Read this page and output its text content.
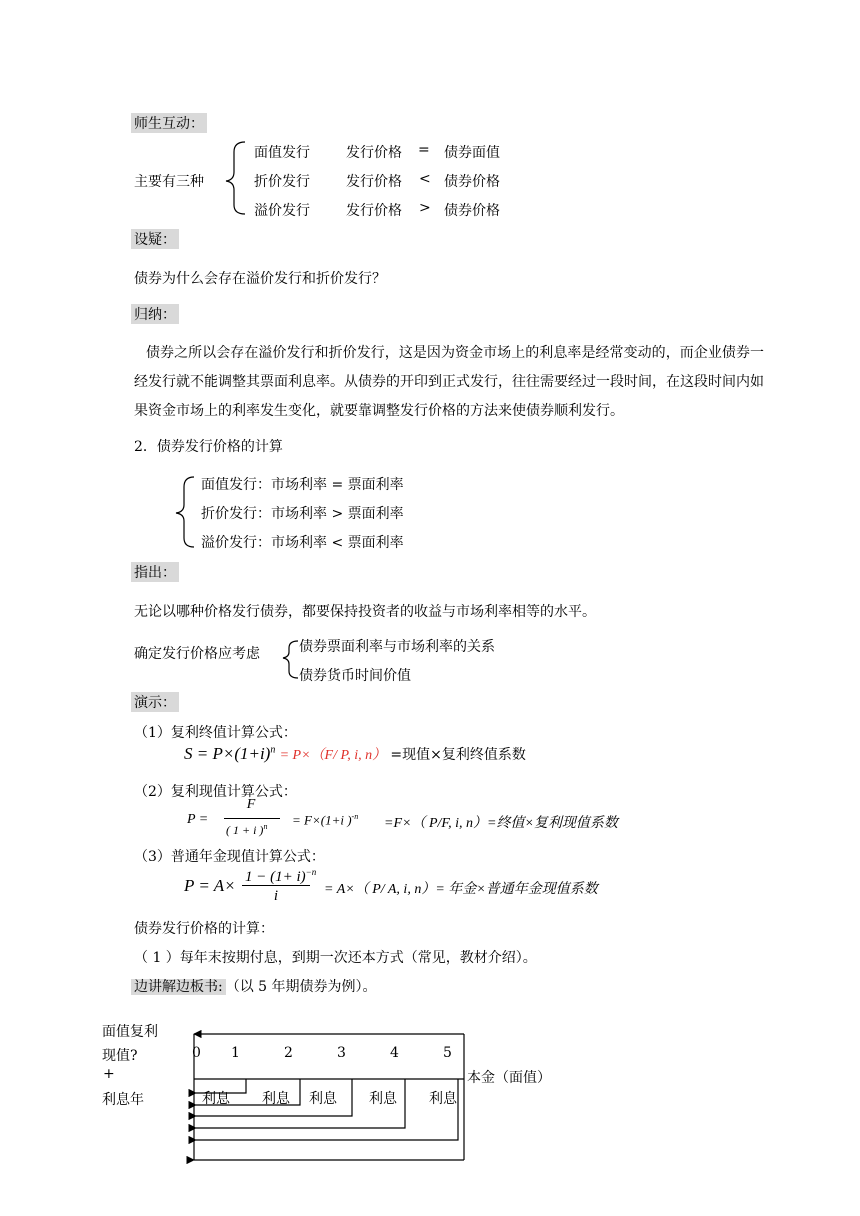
师生互动：
主要有三种
面值发行	发行价格 = 债券面值
折价发行	发行价格 < 债券价格
溢价发行	发行价格 > 债券价格
设疑：
债券为什么会存在溢价发行和折价发行？
归纳：
债券之所以会存在溢价发行和折价发行，这是因为资金市场上的利息率是经常变动的，而企业债券一经发行就不能调整其票面利息率。从债券的开印到正式发行，往往需要经过一段时间，在这段时间内如果资金市场上的利率发生变化，就要靠调整发行价格的方法来使债券顺利发行。
2．债券发行价格的计算
面值发行：市场利率 = 票面利率
折价发行：市场利率 > 票面利率
溢价发行：市场利率 < 票面利率
指出：
无论以哪种价格发行债券，都要保持投资者的收益与市场利率相等的水平。
确定发行价格应考虑	债券票面利率与市场利率的关系
债券货币时间价值
演示：
（1）复利终值计算公式：
$S = P\times(1+i)^n = P\times(F/$ P, i, n） =现值×复利终值系数
（2）复利现值计算公式：
P =
F
( 1 + i )$^n$ = F×(1+i )$^{-n}$ =F×（ P/F, i, n）=终值×复利现值系数
（3）普通年金现值计算公式：
$P = A\times 1 - (1+ i)^{-n}$
i	= A×（ P/ A, i, n）= 年金×普通年金现值系数
债券发行价格的计算：
（ 1 ）每年末按期付息，到期一次还本方式（常见，教材介绍）。
边讲解边板书: （以 5 年期债券为例）。
面值复利
现值?
+
利息年
0 1	2	3	4	5
利息 利息 利息 利息 利息
本金（面值）
